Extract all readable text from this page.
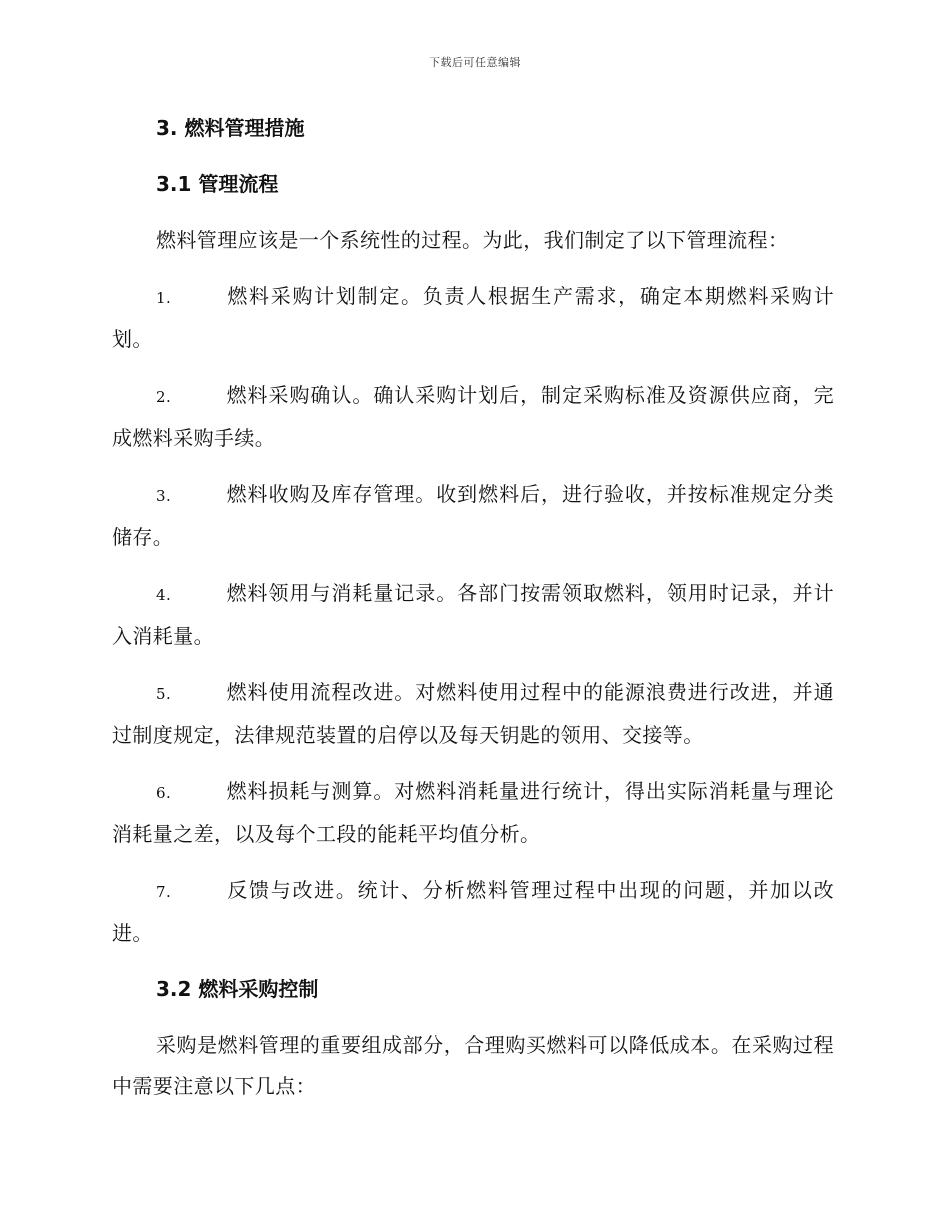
下载后可任意编辑
3. 燃料管理措施
3.1 管理流程
燃料管理应该是一个系统性的过程。为此，我们制定了以下管理流程：
1.	燃料采购计划制定。负责人根据生产需求，确定本期燃料采购计划。
2.	燃料采购确认。确认采购计划后，制定采购标准及资源供应商，完成燃料采购手续。
3.	燃料收购及库存管理。收到燃料后，进行验收，并按标准规定分类储存。
4.	燃料领用与消耗量记录。各部门按需领取燃料，领用时记录，并计入消耗量。
5.	燃料使用流程改进。对燃料使用过程中的能源浪费进行改进，并通过制度规定，法律规范装置的启停以及每天钥匙的领用、交接等。
6.	燃料损耗与测算。对燃料消耗量进行统计，得出实际消耗量与理论消耗量之差，以及每个工段的能耗平均值分析。
7.	反馈与改进。统计、分析燃料管理过程中出现的问题，并加以改进。
3.2 燃料采购控制
采购是燃料管理的重要组成部分，合理购买燃料可以降低成本。在采购过程中需要注意以下几点：
